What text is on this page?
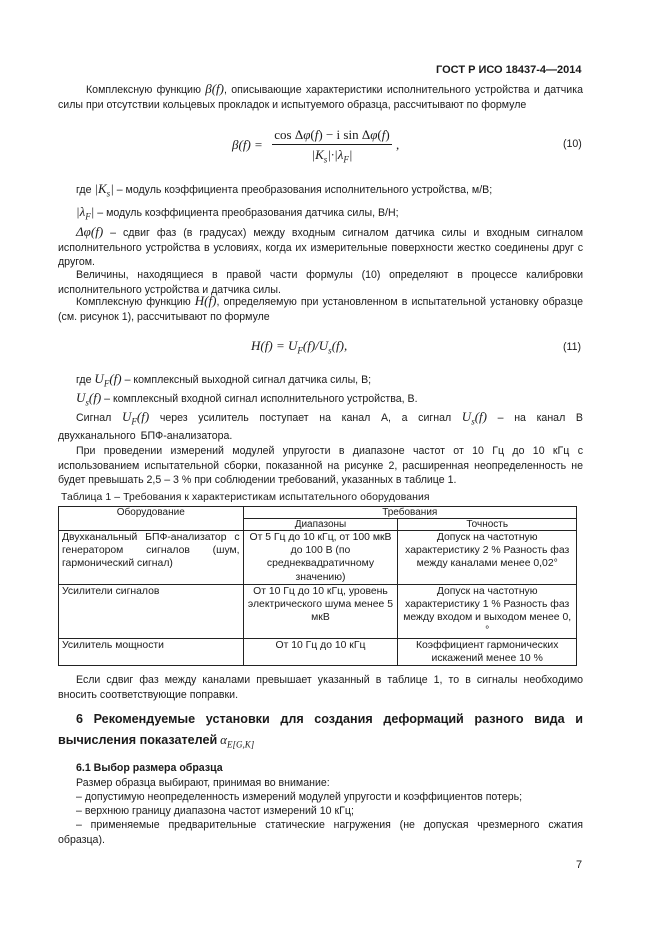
ГОСТ Р ИСО 18437-4—2014
Комплексную функцию β(f), описывающие характеристики исполнительного устройства и датчика силы при отсутствии кольцевых прокладок и испытуемого образца, рассчитывают по формуле
β(f) =
cos Δφ(f) − i sin Δφ(f)
$|K_s|\cdot|\lambda_F|$
,	(10)
где $|K_s|$ – модуль коэффициента преобразования исполнительного устройства, м/В;
$|\lambda_F|$ – модуль коэффициента преобразования датчика силы, В/Н;
Δφ(f) – сдвиг фаз (в градусах) между входным сигналом датчика силы и входным сигналом исполнительного устройства в условиях, когда их измерительные поверхности жестко соединены друг с другом.
Величины, находящиеся в правой части формулы (10) определяют в процессе калибровки исполнительного устройства и датчика силы.
Комплексную функцию H(f), определяемую при установленном в испытательной установку образце (см. рисунок 1), рассчитывают по формуле
$H(f) = U_F(f)/U_s(f)$,	(11)
где $U_F(f)$ – комплексный выходной сигнал датчика силы, В;
$U_s(f)$ – комплексный входной сигнал исполнительного устройства, В.
Сигнал $U_F(f)$ через усилитель поступает на канал А, а сигнал $U_s(f)$ – на канал В двухканального БПФ-анализатора.
При проведении измерений модулей упругости в диапазоне частот от 10 Гц до 10 кГц с использованием испытательной сборки, показанной на рисунке 2, расширенная неопределенность не будет превышать 2,5 – 3 % при соблюдении требований, указанных в таблице 1.
Таблица 1 – Требования к характеристикам испытательного оборудования
Оборудование	Требования	
	Диапазоны	Точность
Двухканальный БПФ-анализатор с генератором сигналов (шум, гармонический сигнал)	От 5 Гц до 10 кГц, от 100 мкВ до 100 В (по среднеквадратичному значению)	Допуск на частотную характеристику 2 % Разность фаз между каналами менее 0,02°
Усилители сигналов	От 10 Гц до 10 кГц, уровень электрического шума менее 5 мкВ	Допуск на частотную характеристику 1 % Разность фаз между входом и выходом менее 0,°
Усилитель мощности	От 10 Гц до 10 кГц	Коэффициент гармонических искажений менее 10 %
Если сдвиг фаз между каналами превышает указанный в таблице 1, то в сигналы необходимо вносить соответствующие поправки.
6 Рекомендуемые установки для создания деформаций разного вида и
вычисления показателей $\alpha_{E[G,K]}$
6.1 Выбор размера образца
Размер образца выбирают, принимая во внимание:
– допустимую неопределенность измерений модулей упругости и коэффициентов потерь;
– верхнюю границу диапазона частот измерений 10 кГц;
– применяемые предварительные статические нагружения (не допуская чрезмерного сжатия образца).
7
